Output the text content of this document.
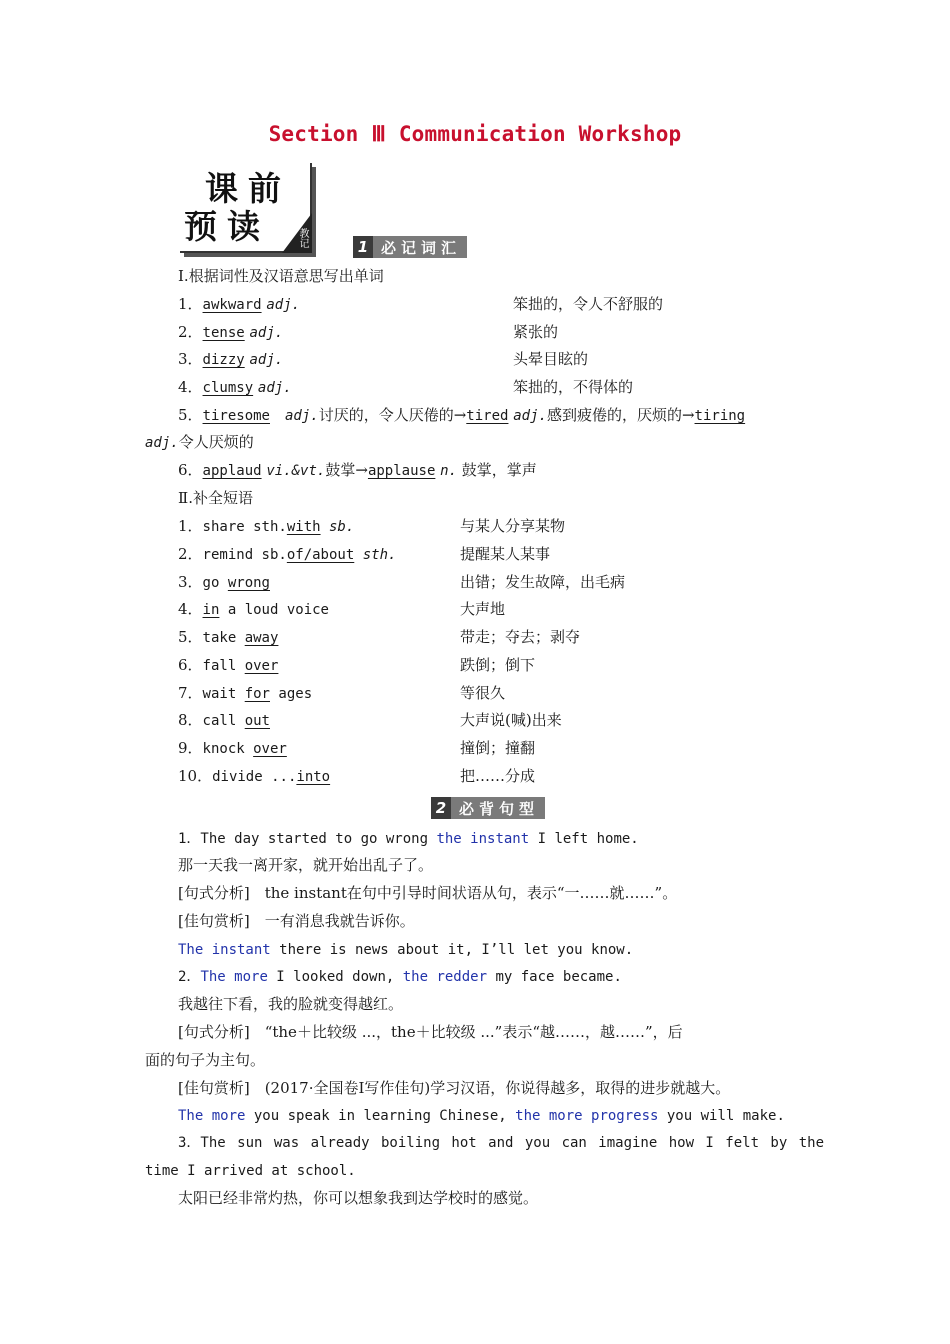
Section Ⅲ Communication Workshop
课前
预读	教记	1 必记词汇
Ⅰ.根据词性及汉语意思写出单词
1．awkward adj.	笨拙的，令人不舒服的
2．tense adj.	紧张的
3．dizzy adj.	头晕目眩的
4．clumsy adj.	笨拙的，不得体的
5．tiresome　 adj.讨厌的，令人厌倦的→tired adj.感到疲倦的，厌烦的→tiring
adj.令人厌烦的
6．applaud vi.&vt.鼓掌→applause n. 鼓掌，掌声
Ⅱ.补全短语
1．share sth.with sb.	与某人分享某物
2．remind sb.of/about sth.	提醒某人某事
3．go wrong	出错；发生故障，出毛病
4．in a loud voice	大声地
5．take away	带走；夺去；剥夺
6．fall over	跌倒；倒下
7．wait for ages	等很久
8．call out	大声说(喊)出来
9．knock over	撞倒；撞翻
10．divide ...into	把……分成
2 必背句型
1．The day started to go wrong the instant I left home.
那一天我一离开家，就开始出乱子了。
[句式分析]　the instant在句中引导时间状语从句，表示“一……就……”。
[佳句赏析]　一有消息我就告诉你。
The instant there is news about it, I’ll let you know.
2．The more I looked down, the redder my face became.
我越往下看，我的脸就变得越红。
[句式分析]　“the＋比较级 ...，the＋比较级 ...”表示“越……，越……”，后
面的句子为主句。
[佳句赏析]　(2017·全国卷Ⅰ写作佳句)学习汉语，你说得越多，取得的进步就越大。
The more you speak in learning Chinese, the more progress you will make.
3．The sun was already boiling hot and you can imagine how I felt by the
time I arrived at school.
太阳已经非常灼热，你可以想象我到达学校时的感觉。
